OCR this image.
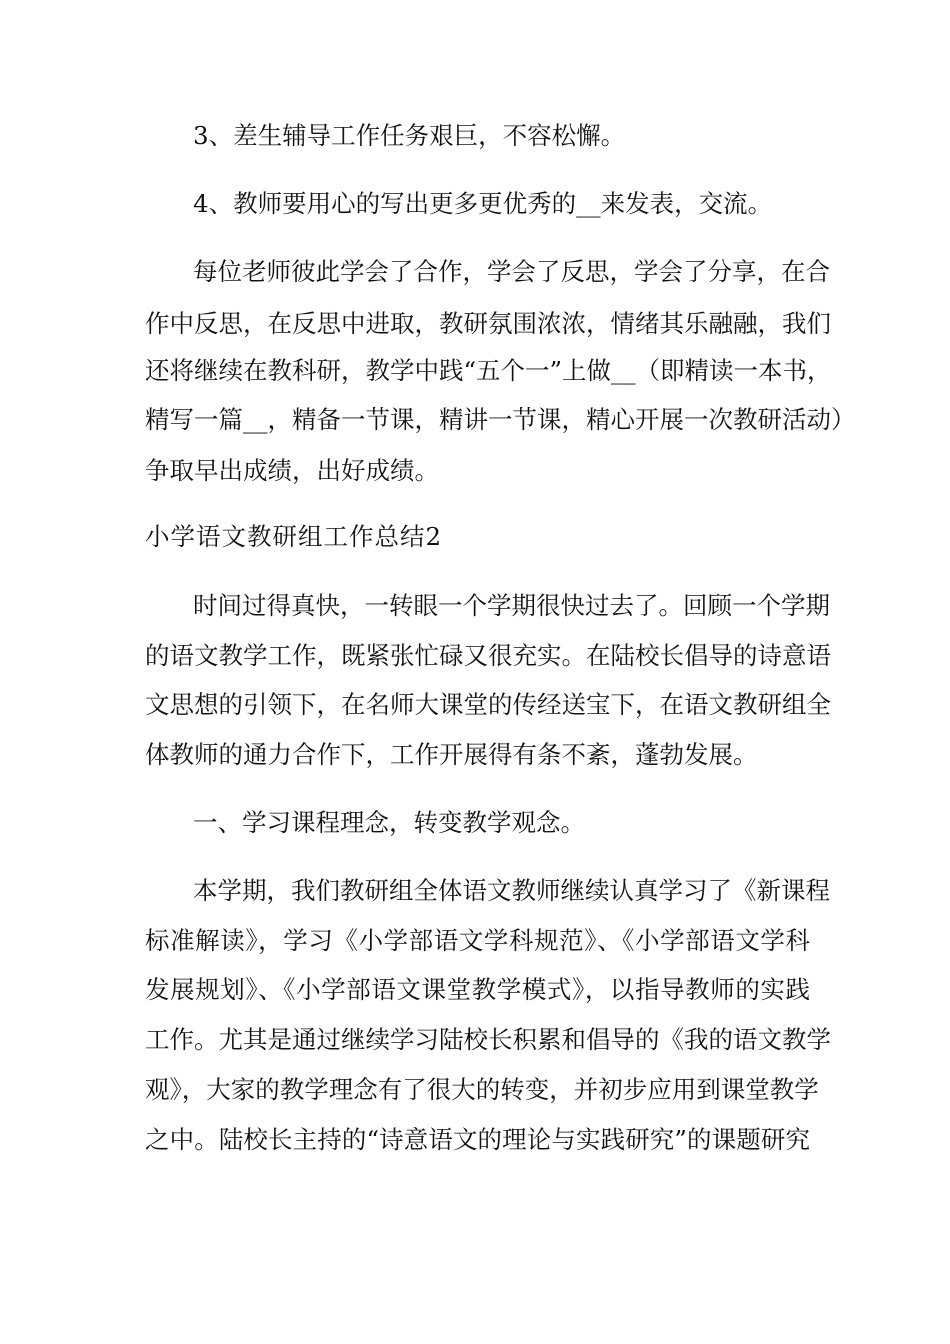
3、差生辅导工作任务艰巨，不容松懈。
4、教师要用心的写出更多更优秀的__来发表，交流。
每位老师彼此学会了合作，学会了反思，学会了分享，在合
作中反思，在反思中进取，教研氛围浓浓，情绪其乐融融，我们
还将继续在教科研，教学中践“五个一”上做__（即精读一本书，
精写一篇__，精备一节课，精讲一节课，精心开展一次教研活动）
争取早出成绩，出好成绩。
小学语文教研组工作总结2
时间过得真快，一转眼一个学期很快过去了。回顾一个学期
的语文教学工作，既紧张忙碌又很充实。在陆校长倡导的诗意语
文思想的引领下，在名师大课堂的传经送宝下，在语文教研组全
体教师的通力合作下，工作开展得有条不紊，蓬勃发展。
一、学习课程理念，转变教学观念。
本学期，我们教研组全体语文教师继续认真学习了《新课程
标准解读》，学习《小学部语文学科规范》、《小学部语文学科
发展规划》、《小学部语文课堂教学模式》，以指导教师的实践
工作。尤其是通过继续学习陆校长积累和倡导的《我的语文教学
观》，大家的教学理念有了很大的转变，并初步应用到课堂教学
之中。陆校长主持的“诗意语文的理论与实践研究”的课题研究
